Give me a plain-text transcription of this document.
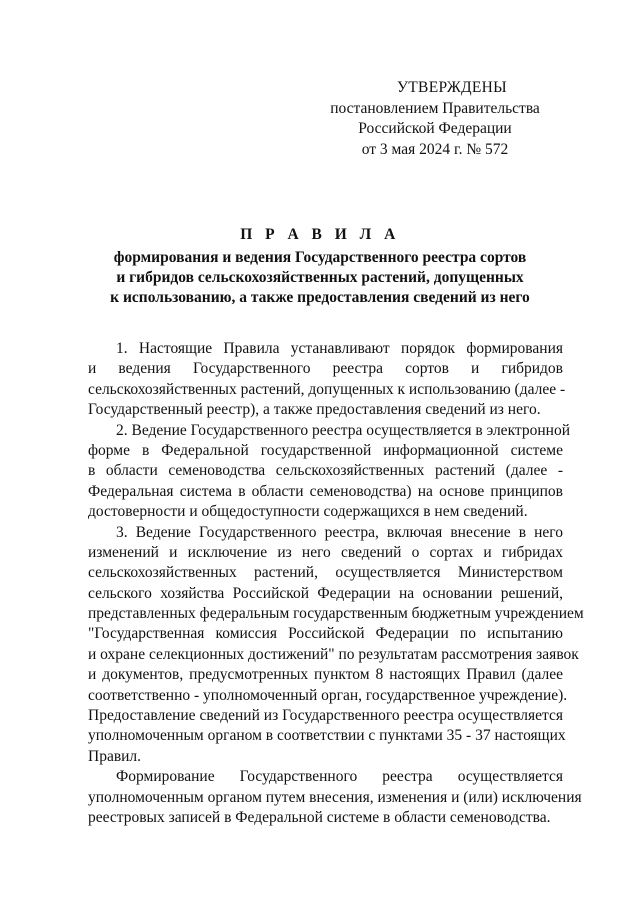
УТВЕРЖДЕНЫ
постановлением Правительства
Российской Федерации
от 3 мая 2024 г. № 572
П Р А В И Л А
формирования и ведения Государственного реестра сортов
и гибридов сельскохозяйственных растений, допущенных
к использованию, а также предоставления сведений из него
1. Настоящие Правила устанавливают порядок формирования
и ведения Государственного реестра сортов и гибридов
сельскохозяйственных растений, допущенных к использованию (далее -
Государственный реестр), а также предоставления сведений из него.
2. Ведение Государственного реестра осуществляется в электронной
форме в Федеральной государственной информационной системе
в области семеноводства сельскохозяйственных растений (далее -
Федеральная система в области семеноводства) на основе принципов
достоверности и общедоступности содержащихся в нем сведений.
3. Ведение Государственного реестра, включая внесение в него
изменений и исключение из него сведений о сортах и гибридах
сельскохозяйственных растений, осуществляется Министерством
сельского хозяйства Российской Федерации на основании решений,
представленных федеральным государственным бюджетным учреждением
"Государственная комиссия Российской Федерации по испытанию
и охране селекционных достижений" по результатам рассмотрения заявок
и документов, предусмотренных пунктом 8 настоящих Правил (далее
соответственно - уполномоченный орган, государственное учреждение).
Предоставление сведений из Государственного реестра осуществляется
уполномоченным органом в соответствии с пунктами 35 - 37 настоящих
Правил.
Формирование Государственного реестра осуществляется
уполномоченным органом путем внесения, изменения и (или) исключения
реестровых записей в Федеральной системе в области семеноводства.
